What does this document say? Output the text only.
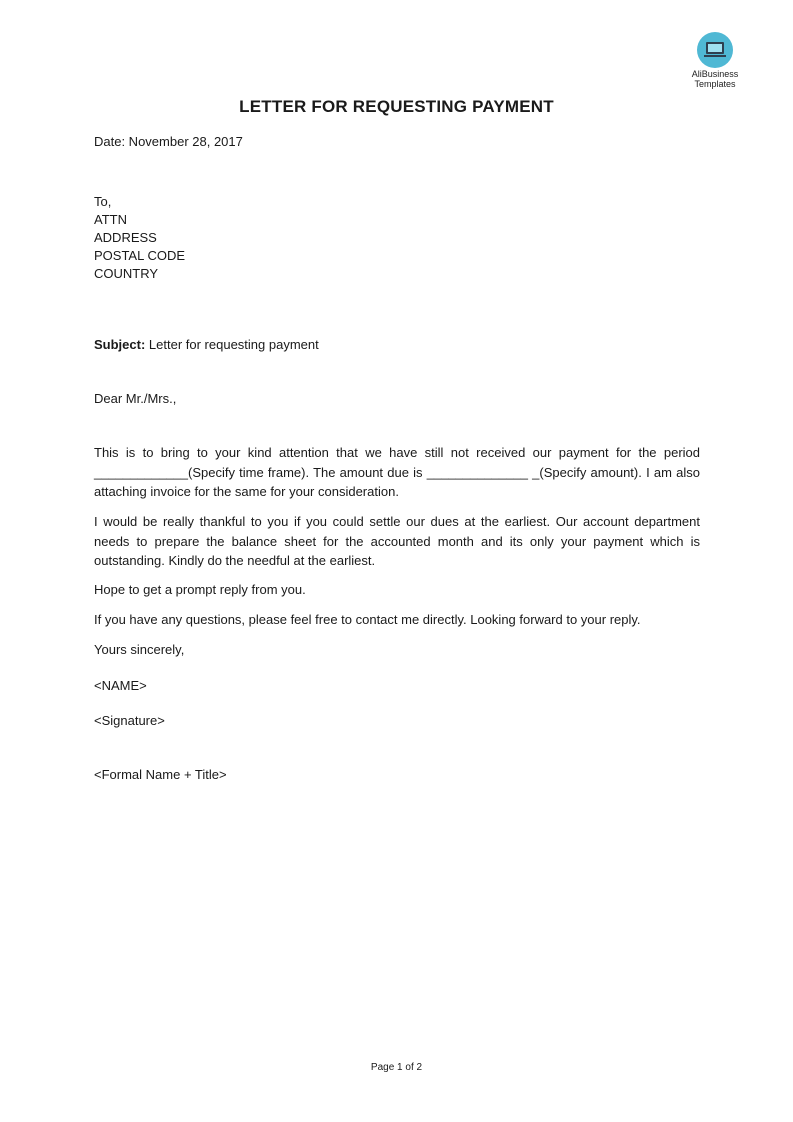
AliBusiness
Templates
LETTER FOR REQUESTING PAYMENT
Date: November 28, 2017
To,
ATTN
ADDRESS
POSTAL CODE
COUNTRY
Subject: Letter for requesting payment
Dear Mr./Mrs.,
This is to bring to your kind attention that we have still not received our payment for the period _____________(Specify time frame). The amount due is ______________ _(Specify amount). I am also attaching invoice for the same for your consideration.
I would be really thankful to you if you could settle our dues at the earliest. Our account department needs to prepare the balance sheet for the accounted month and its only your payment which is outstanding. Kindly do the needful at the earliest.
Hope to get a prompt reply from you.
If you have any questions, please feel free to contact me directly. Looking forward to your reply.
Yours sincerely,
<NAME>
<Signature>
<Formal Name + Title>
Page 1 of 2
